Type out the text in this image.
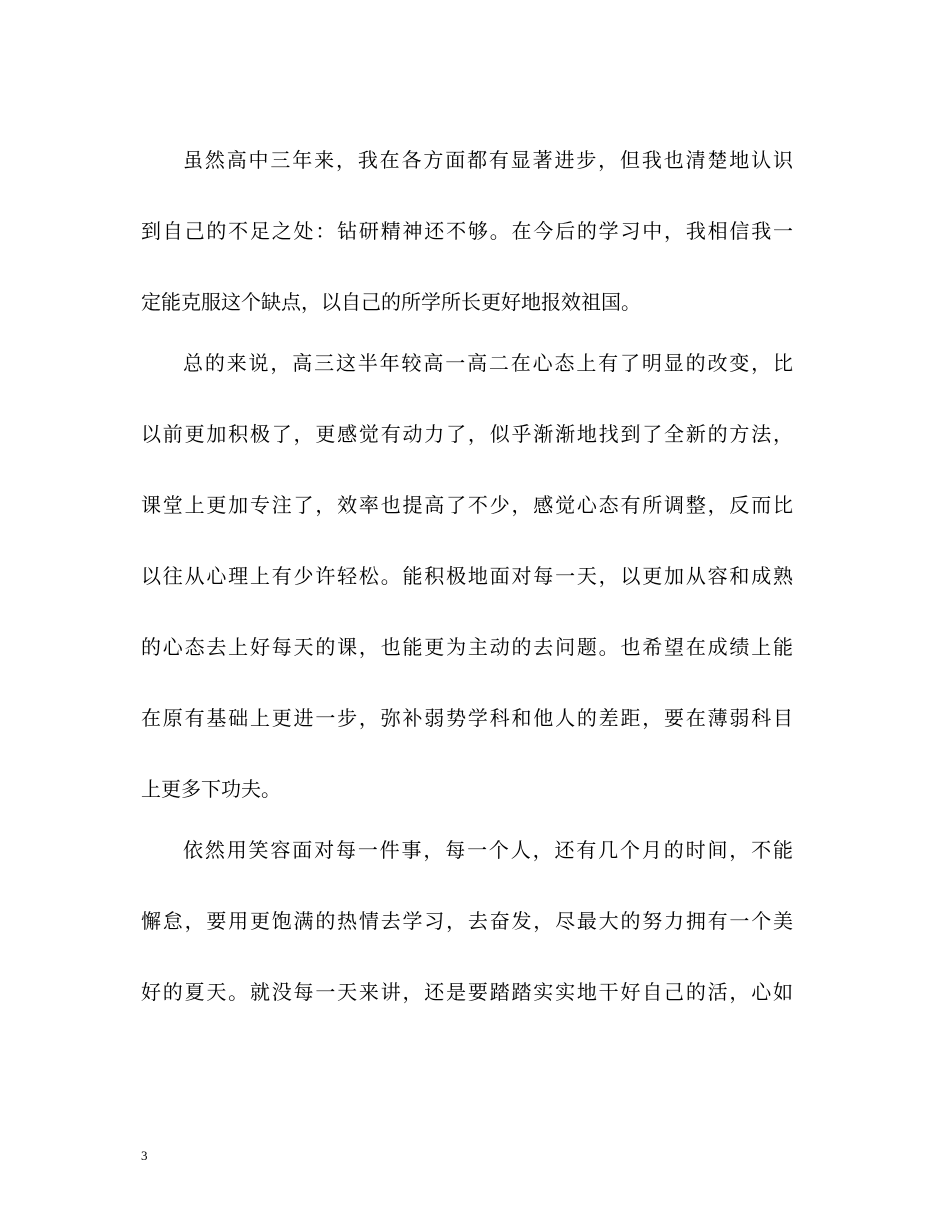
虽然高中三年来，我在各方面都有显著进步，但我也清楚地认识
到自己的不足之处：钻研精神还不够。在今后的学习中，我相信我一
定能克服这个缺点，以自己的所学所长更好地报效祖国。
总的来说，高三这半年较高一高二在心态上有了明显的改变，比
以前更加积极了，更感觉有动力了，似乎渐渐地找到了全新的方法，
课堂上更加专注了，效率也提高了不少，感觉心态有所调整，反而比
以往从心理上有少许轻松。能积极地面对每一天，以更加从容和成熟
的心态去上好每天的课，也能更为主动的去问题。也希望在成绩上能
在原有基础上更进一步，弥补弱势学科和他人的差距，要在薄弱科目
上更多下功夫。
依然用笑容面对每一件事，每一个人，还有几个月的时间，不能
懈怠，要用更饱满的热情去学习，去奋发，尽最大的努力拥有一个美
好的夏天。就没每一天来讲，还是要踏踏实实地干好自己的活，心如
3
